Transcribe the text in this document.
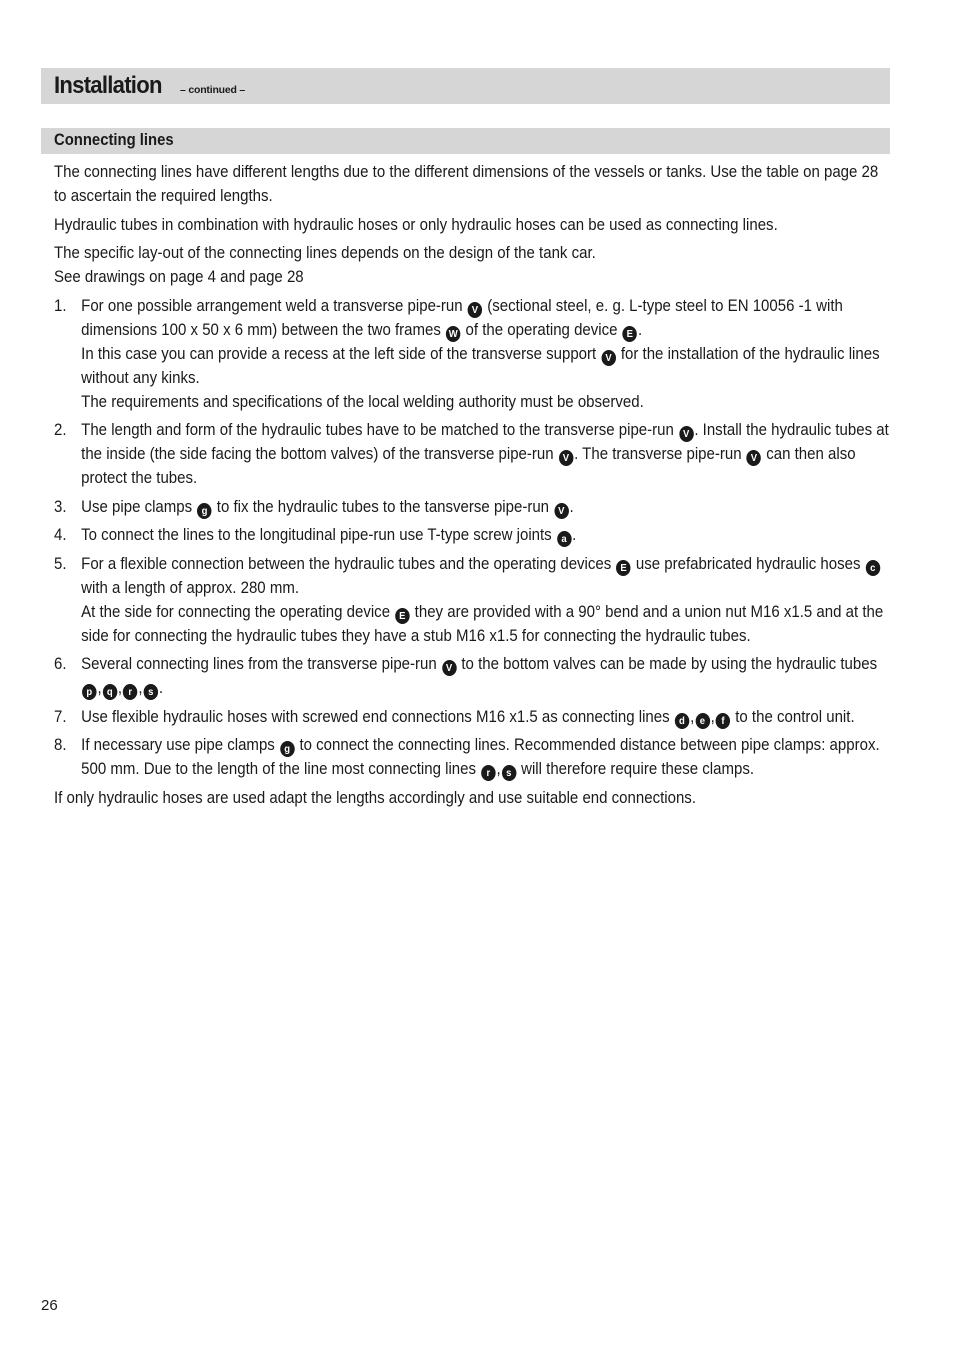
Installation – continued –
Connecting lines

The connecting lines have different lengths due to the different dimensions of the vessels or tanks. Use the table on page 28 to ascertain the required lengths.

Hydraulic tubes in combination with hydraulic hoses or only hydraulic hoses can be used as connecting lines.

The specific lay-out of the connecting lines depends on the design of the tank car.
See drawings on page 4 and page 28

1. For one possible arrangement weld a transverse pipe-run V (sectional steel, e. g. L-type steel to EN 10056 -1 with dimensions 100 x 50 x 6 mm) between the two frames W of the operating device E .
In this case you can provide a recess at the left side of the transverse support V for the installation of the hydraulic lines without any kinks.
The requirements and specifications of the local welding authority must be observed.
2. The length and form of the hydraulic tubes have to be matched to the transverse pipe-run V . Install the hydraulic tubes at the inside (the side facing the bottom valves) of the transverse pipe-run V . The transverse pipe-run V can then also protect the tubes.
3. Use pipe clamps g to fix the hydraulic tubes to the tansverse pipe-run V .
4. To connect the lines to the longitudinal pipe-run use T-type screw joints a .
5. For a flexible connection between the hydraulic tubes and the operating devices E use prefabricated hydraulic hoses c with a length of approx. 280 mm.
At the side for connecting the operating device E they are provided with a 90° bend and a union nut M16 x1.5 and at the side for connecting the hydraulic tubes they have a stub M16 x1.5 for connecting the hydraulic tubes.
6. Several connecting lines from the transverse pipe-run V to the bottom valves can be made by using the hydraulic tubes p , q , r , s .
7. Use flexible hydraulic hoses with screwed end connections M16 x1.5 as connecting lines d , e , f to the control unit.
8. If necessary use pipe clamps g to connect the connecting lines. Recommended distance between pipe clamps: approx. 500 mm. Due to the length of the line most connecting lines r , s will therefore require these clamps.

If only hydraulic hoses are used adapt the lengths accordingly and use suitable end connections.

26
